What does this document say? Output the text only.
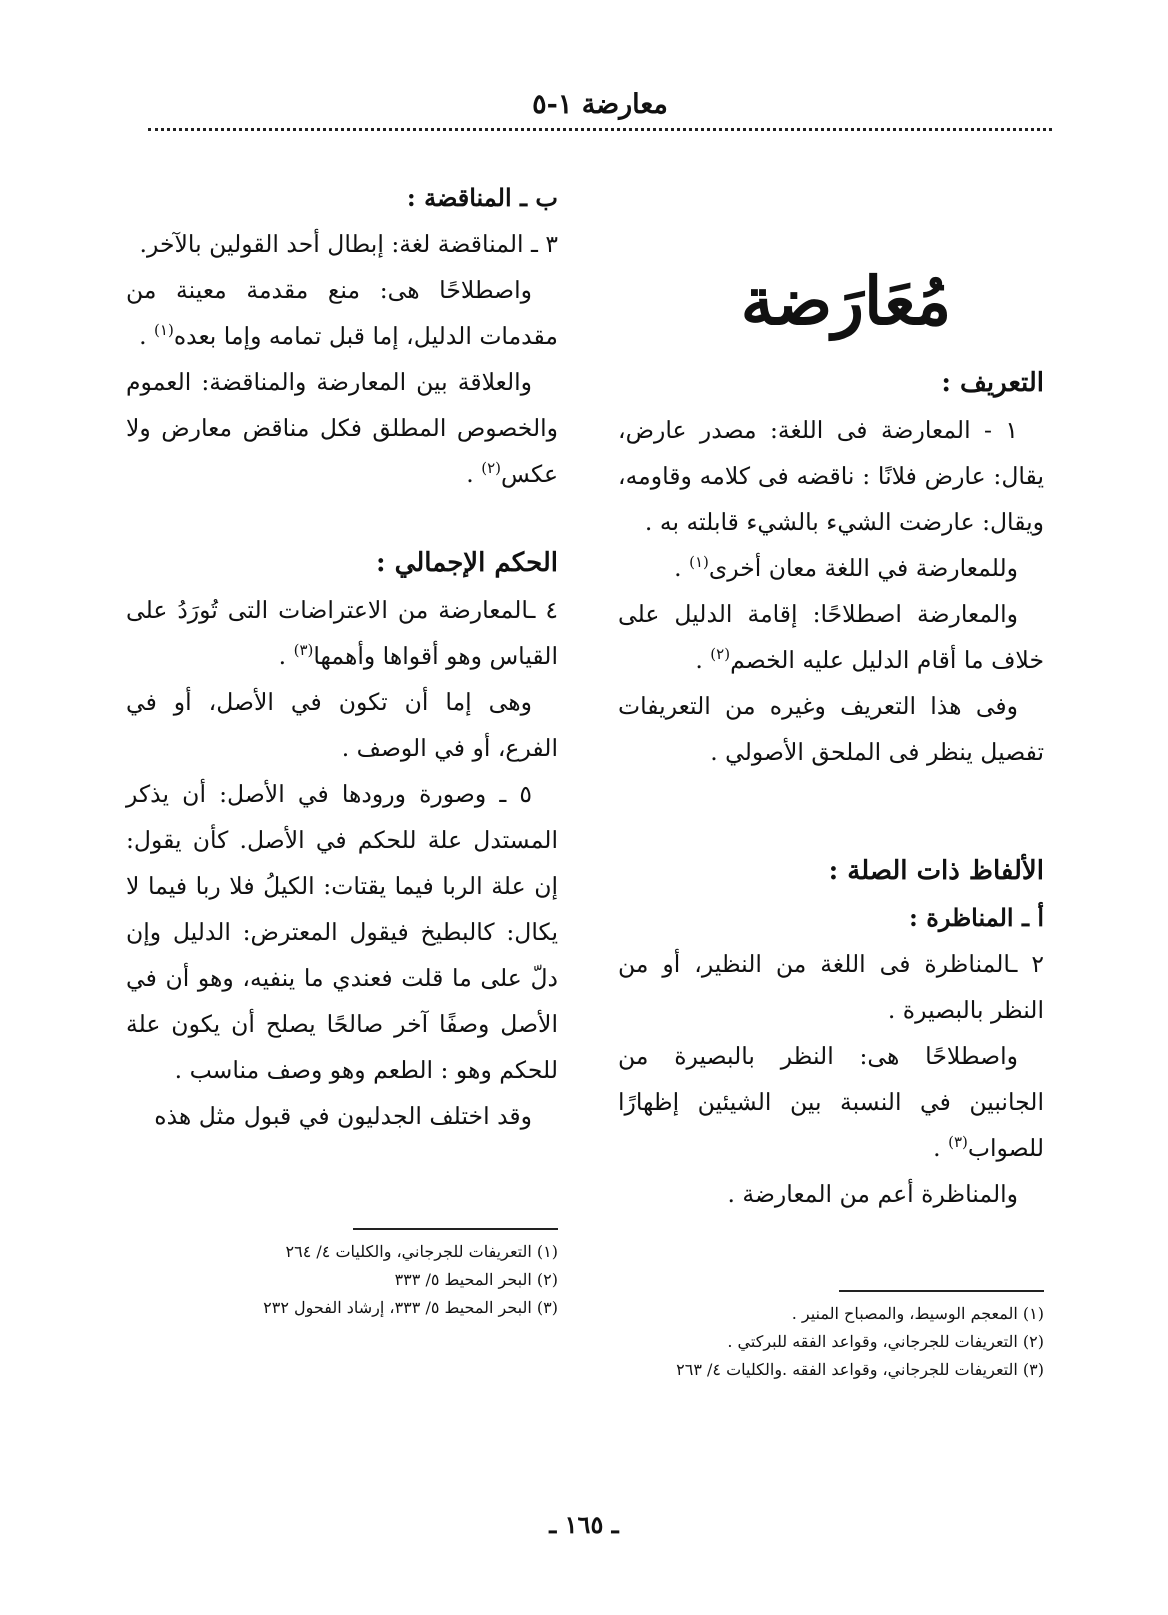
معارضة ١-٥
مُعَارَضة
التعريف :

١ - المعارضة فى اللغة: مصدر عارض، يقال: عارض فلانًا : ناقضه فى كلامه وقاومه، ويقال: عارضت الشيء بالشيء قابلته به .

وللمعارضة في اللغة معان أخرى$^{(١)}$ .

والمعارضة اصطلاحًا: إقامة الدليل على خلاف ما أقام الدليل عليه الخصم$^{(٢)}$ .

وفى هذا التعريف وغيره من التعريفات تفصيل ينظر فى الملحق الأصولي .

الألفاظ ذات الصلة :
أ ـ المناظرة :

٢ ـالمناظرة فى اللغة من النظير، أو من النظر بالبصيرة .

واصطلاحًا هى: النظر بالبصيرة من الجانبين في النسبة بين الشيئين إظهارًا للصواب$^{(٣)}$ .

والمناظرة أعم من المعارضة .

ب ـ المناقضة :

٣ ـ المناقضة لغة: إبطال أحد القولين بالآخر.

واصطلاحًا هى: منع مقدمة معينة من مقدمات الدليل، إما قبل تمامه وإما بعده$^{(١)}$ .

والعلاقة بين المعارضة والمناقضة: العموم والخصوص المطلق فكل مناقض معارض ولا عكس$^{(٢)}$ .

الحكم الإجمالي :

٤ ـالمعارضة من الاعتراضات التى تُورَدُ على القياس وهو أقواها وأهمها$^{(٣)}$ .

وهى إما أن تكون في الأصل، أو في الفرع، أو في الوصف .

٥ ـ وصورة ورودها في الأصل: أن يذكر المستدل علة للحكم في الأصل. كأن يقول: إن علة الربا فيما يقتات: الكيلُ فلا ربا فيما لا يكال: كالبطيخ فيقول المعترض: الدليل وإن دلّ على ما قلت فعندي ما ينفيه، وهو أن في الأصل وصفًا آخر صالحًا يصلح أن يكون علة للحكم وهو : الطعم وهو وصف مناسب .

وقد اختلف الجدليون في قبول مثل هذه

(١) المعجم الوسيط، والمصباح المنير .
(٢) التعريفات للجرجاني، وقواعد الفقه للبركتي .
(٣) التعريفات للجرجاني، وقواعد الفقه .والكليات ٤/ ٢٦٣
(١) التعريفات للجرجاني، والكليات ٤/ ٢٦٤
(٢) البحر المحيط ٥/ ٣٣٣
(٣) البحر المحيط ٥/ ٣٣٣، إرشاد الفحول ٢٣٢
ـ ١٦٥ ـ
